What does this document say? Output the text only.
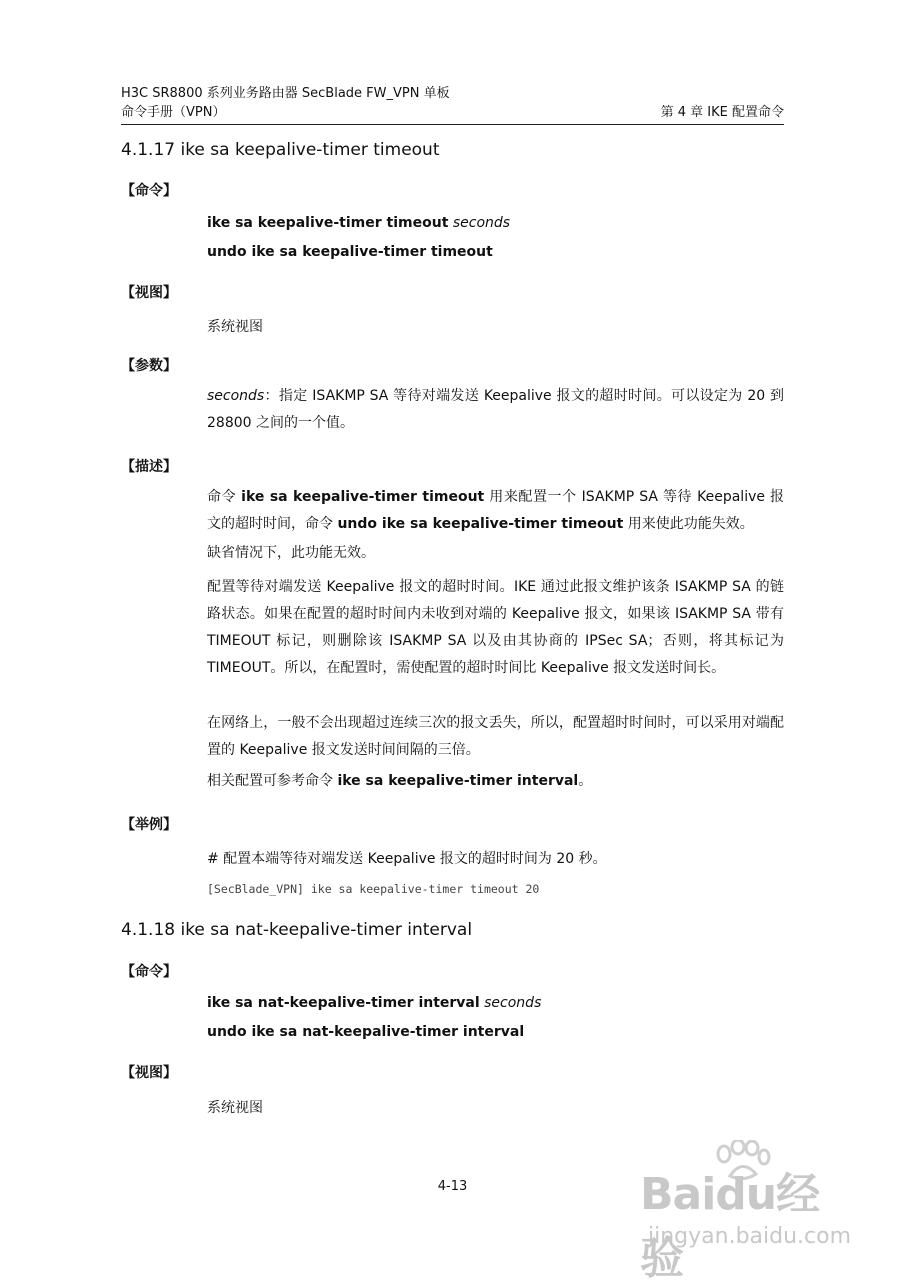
H3C SR8800 系列业务路由器 SecBlade FW_VPN 单板
命令手册（VPN）	第 4 章 IKE 配置命令
4.1.17 ike sa keepalive-timer timeout
【命令】
ike sa keepalive-timer timeout seconds
undo ike sa keepalive-timer timeout
【视图】
系统视图
【参数】
seconds：指定 ISAKMP SA 等待对端发送 Keepalive 报文的超时时间。可以设定为 20 到 28800 之间的一个值。
【描述】
命令 ike sa keepalive-timer timeout 用来配置一个 ISAKMP SA 等待 Keepalive 报文的超时时间，命令 undo ike sa keepalive-timer timeout 用来使此功能失效。
缺省情况下，此功能无效。
配置等待对端发送 Keepalive 报文的超时时间。IKE 通过此报文维护该条 ISAKMP SA 的链路状态。如果在配置的超时时间内未收到对端的 Keepalive 报文，如果该 ISAKMP SA 带有 TIMEOUT 标记，则删除该 ISAKMP SA 以及由其协商的 IPSec SA；否则，将其标记为 TIMEOUT。所以，在配置时，需使配置的超时时间比 Keepalive 报文发送时间长。
在网络上，一般不会出现超过连续三次的报文丢失，所以，配置超时时间时，可以采用对端配置的 Keepalive 报文发送时间间隔的三倍。
相关配置可参考命令 ike sa keepalive-timer interval。
【举例】
# 配置本端等待对端发送 Keepalive 报文的超时时间为 20 秒。
[SecBlade_VPN] ike sa keepalive-timer timeout 20
4.1.18 ike sa nat-keepalive-timer interval
【命令】
ike sa nat-keepalive-timer interval seconds
undo ike sa nat-keepalive-timer interval
【视图】
系统视图
4-13	Baidu经验
jingyan.baidu.com
